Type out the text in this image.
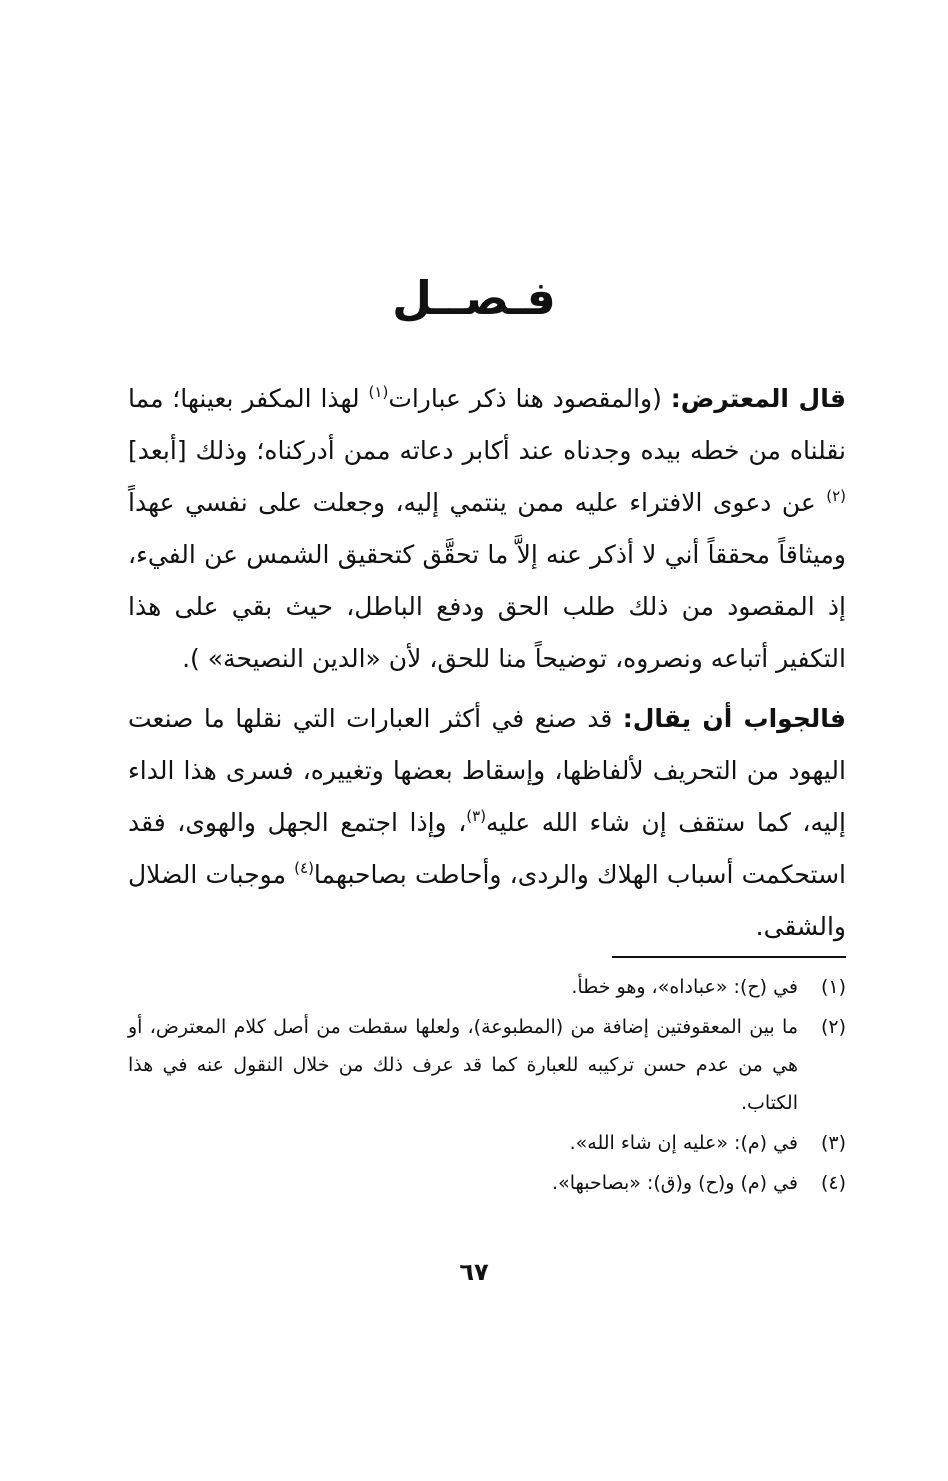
فـصــل

قال المعترض: (والمقصود هنا ذكر عبارات$^{(١)}$ لهذا المكفر بعينها؛ مما نقلناه من خطه بيده وجدناه عند أكابر دعاته ممن أدركناه؛ وذلك [أبعد]$^{(٢)}$ عن دعوى الافتراء عليه ممن ينتمي إليه، وجعلت على نفسي عهداً وميثاقاً محققاً أني لا أذكر عنه إلاَّ ما تحقَّق كتحقيق الشمس عن الفيء، إذ المقصود من ذلك طلب الحق ودفع الباطل، حيث بقي على هذا التكفير أتباعه ونصروه، توضيحاً منا للحق، لأن «الدين النصيحة» ).

فالجواب أن يقال: قد صنع في أكثر العبارات التي نقلها ما صنعت اليهود من التحريف لألفاظها، وإسقاط بعضها وتغييره، فسرى هذا الداء إليه، كما ستقف إن شاء الله عليه$^{(٣)}$، وإذا اجتمع الجهل والهوى، فقد استحكمت أسباب الهلاك والردى، وأحاطت بصاحبهما$^{(٤)}$ موجبات الضلال والشقى.

(١)
في (ح): «عباداه»، وهو خطأ.
(٢)
ما بين المعقوفتين إضافة من (المطبوعة)، ولعلها سقطت من أصل كلام المعترض، أو هي من عدم حسن تركيبه للعبارة كما قد عرف ذلك من خلال النقول عنه في هذا الكتاب.
(٣)
في (م): «عليه إن شاء الله».
(٤)
في (م) و(ح) و(ق): «بصاحبها».
٦٧
